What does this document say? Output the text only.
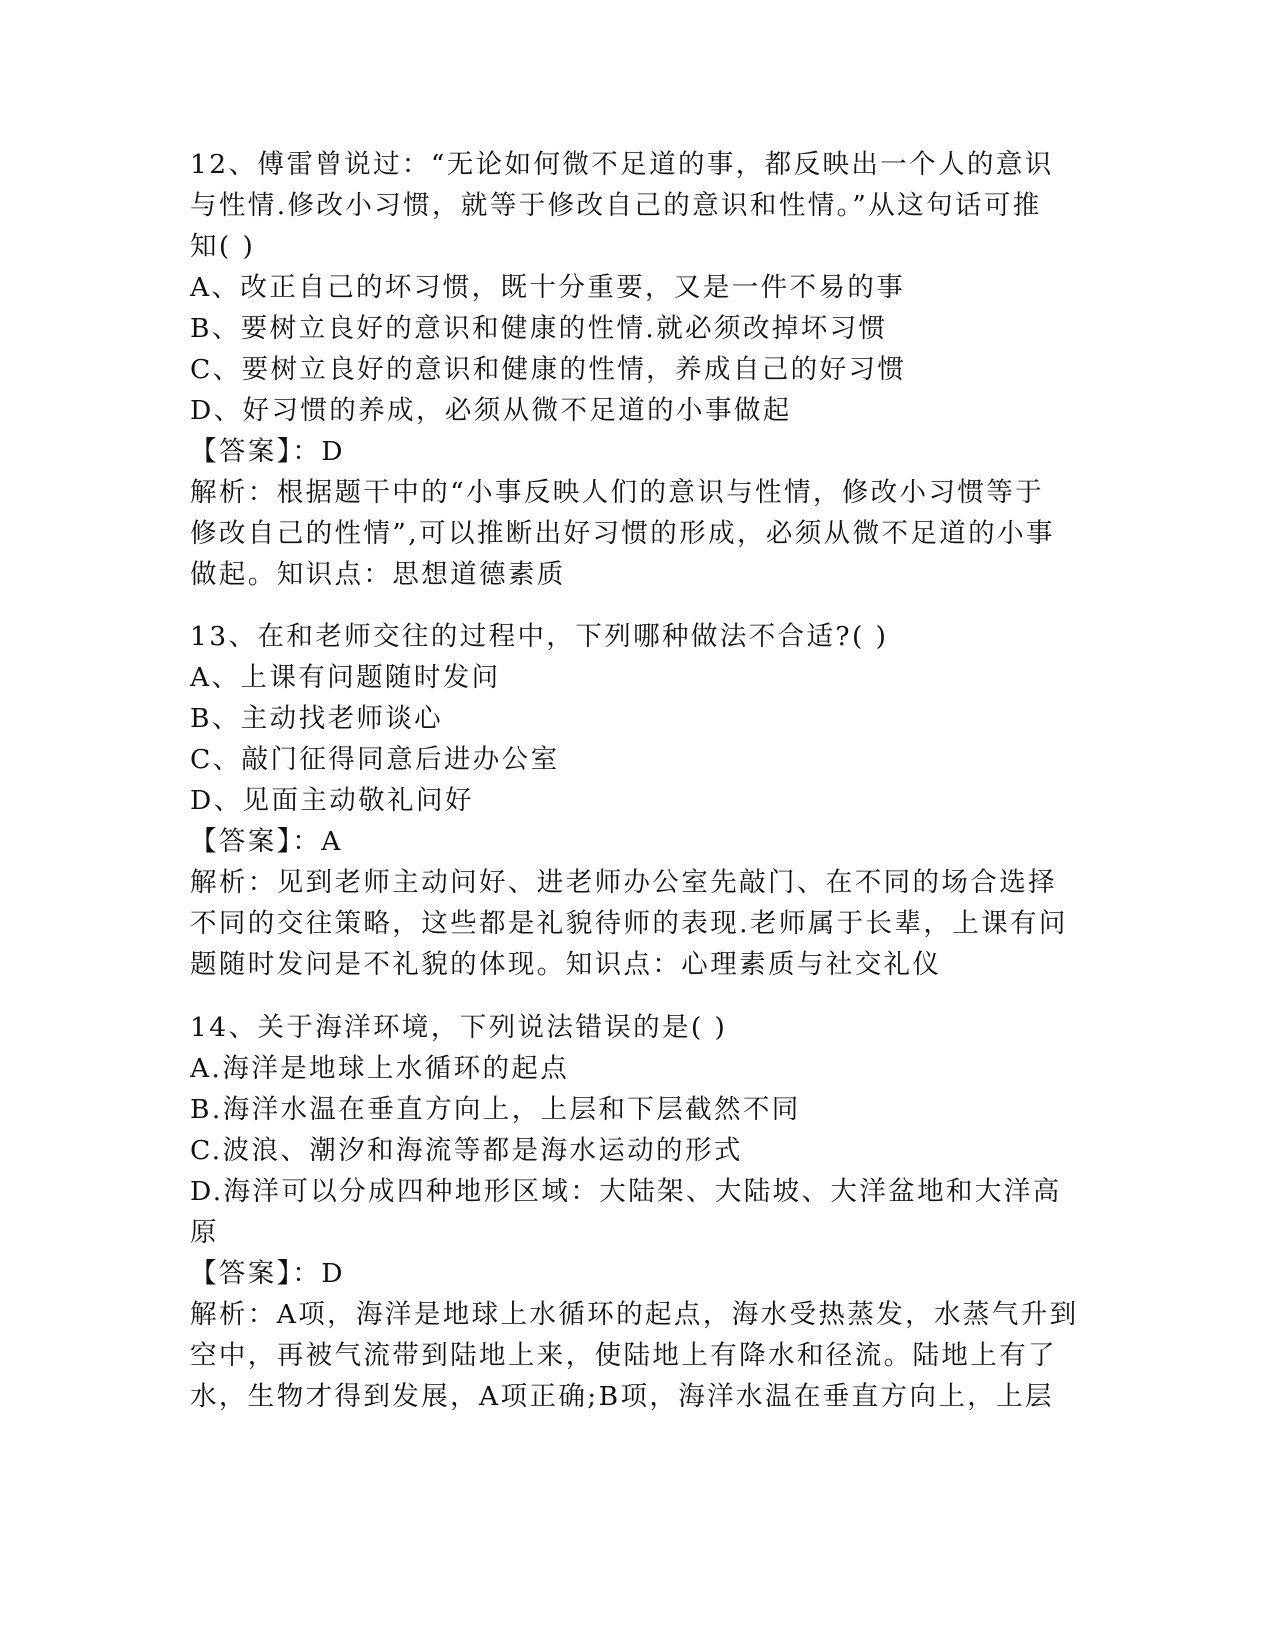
12、傅雷曾说过：“无论如何微不足道的事，都反映出一个人的意识
与性情.修改小习惯，就等于修改自己的意识和性情。”从这句话可推
知( )
A、改正自己的坏习惯，既十分重要，又是一件不易的事
B、要树立良好的意识和健康的性情.就必须改掉坏习惯
C、要树立良好的意识和健康的性情，养成自己的好习惯
D、好习惯的养成，必须从微不足道的小事做起
【答案】：D
解析：根据题干中的“小事反映人们的意识与性情，修改小习惯等于
修改自己的性情”,可以推断出好习惯的形成，必须从微不足道的小事
做起。知识点：思想道德素质
13、在和老师交往的过程中，下列哪种做法不合适?( )
A、上课有问题随时发问
B、主动找老师谈心
C、敲门征得同意后进办公室
D、见面主动敬礼问好
【答案】：A
解析：见到老师主动问好、进老师办公室先敲门、在不同的场合选择
不同的交往策略，这些都是礼貌待师的表现.老师属于长辈，上课有问
题随时发问是不礼貌的体现。知识点：心理素质与社交礼仪
14、关于海洋环境，下列说法错误的是( )
A.海洋是地球上水循环的起点
B.海洋水温在垂直方向上，上层和下层截然不同
C.波浪、潮汐和海流等都是海水运动的形式
D.海洋可以分成四种地形区域：大陆架、大陆坡、大洋盆地和大洋高
原
【答案】：D
解析：A项，海洋是地球上水循环的起点，海水受热蒸发，水蒸气升到
空中，再被气流带到陆地上来，使陆地上有降水和径流。陆地上有了
水，生物才得到发展，A项正确;B项，海洋水温在垂直方向上，上层
